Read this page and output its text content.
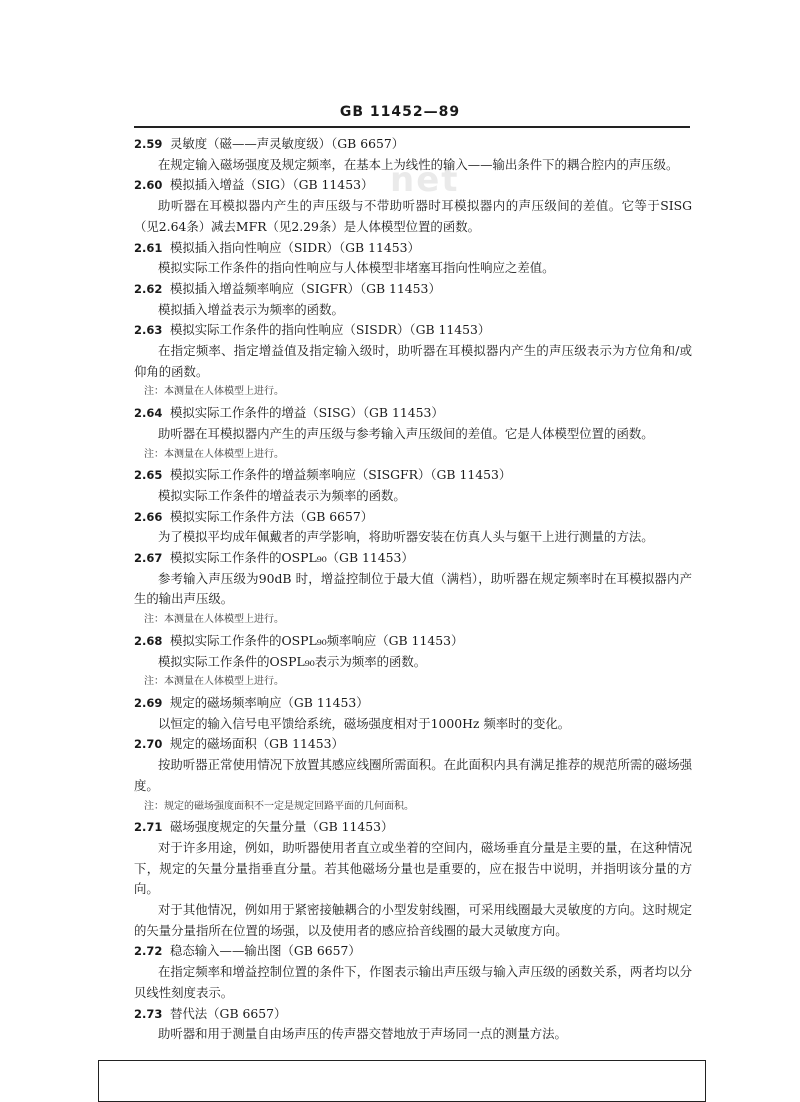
GB 11452—89
net

2.59 灵敏度（磁——声灵敏度级）（GB 6657）

在规定输入磁场强度及规定频率，在基本上为线性的输入——输出条件下的耦合腔内的声压级。

2.60 模拟插入增益（SIG）（GB 11453）

助听器在耳模拟器内产生的声压级与不带助听器时耳模拟器内的声压级间的差值。它等于SISG（见2.64条）减去MFR（见2.29条）是人体模型位置的函数。

2.61 模拟插入指向性响应（SIDR）（GB 11453）

模拟实际工作条件的指向性响应与人体模型非堵塞耳指向性响应之差值。

2.62 模拟插入增益频率响应（SIGFR）（GB 11453）

模拟插入增益表示为频率的函数。

2.63 模拟实际工作条件的指向性响应（SISDR）（GB 11453）

在指定频率、指定增益值及指定输入级时，助听器在耳模拟器内产生的声压级表示为方位角和/或仰角的函数。

注：本测量在人体模型上进行。

2.64 模拟实际工作条件的增益（SISG）（GB 11453）

助听器在耳模拟器内产生的声压级与参考输入声压级间的差值。它是人体模型位置的函数。

注：本测量在人体模型上进行。

2.65 模拟实际工作条件的增益频率响应（SISGFR）（GB 11453）

模拟实际工作条件的增益表示为频率的函数。

2.66 模拟实际工作条件方法（GB 6657）

为了模拟平均成年佩戴者的声学影响，将助听器安装在仿真人头与躯干上进行测量的方法。

2.67 模拟实际工作条件的OSPL₉₀（GB 11453）

参考输入声压级为90dB 时，增益控制位于最大值（满档），助听器在规定频率时在耳模拟器内产生的输出声压级。

注：本测量在人体模型上进行。

2.68 模拟实际工作条件的OSPL₉₀频率响应（GB 11453）

模拟实际工作条件的OSPL₉₀表示为频率的函数。

注：本测量在人体模型上进行。

2.69 规定的磁场频率响应（GB 11453）

以恒定的输入信号电平馈给系统，磁场强度相对于1000Hz 频率时的变化。

2.70 规定的磁场面积（GB 11453）

按助听器正常使用情况下放置其感应线圈所需面积。在此面积内具有满足推荐的规范所需的磁场强度。

注：规定的磁场强度面积不一定是规定回路平面的几何面积。

2.71 磁场强度规定的矢量分量（GB 11453）

对于许多用途，例如，助听器使用者直立或坐着的空间内，磁场垂直分量是主要的量，在这种情况下，规定的矢量分量指垂直分量。若其他磁场分量也是重要的，应在报告中说明，并指明该分量的方向。

对于其他情况，例如用于紧密接触耦合的小型发射线圈，可采用线圈最大灵敏度的方向。这时规定的矢量分量指所在位置的场强，以及使用者的感应拾音线圈的最大灵敏度方向。

2.72 稳态输入——输出图（GB 6657）

在指定频率和增益控制位置的条件下，作图表示输出声压级与输入声压级的函数关系，两者均以分贝线性刻度表示。

2.73 替代法（GB 6657）

助听器和用于测量自由场声压的传声器交替地放于声场同一点的测量方法。
